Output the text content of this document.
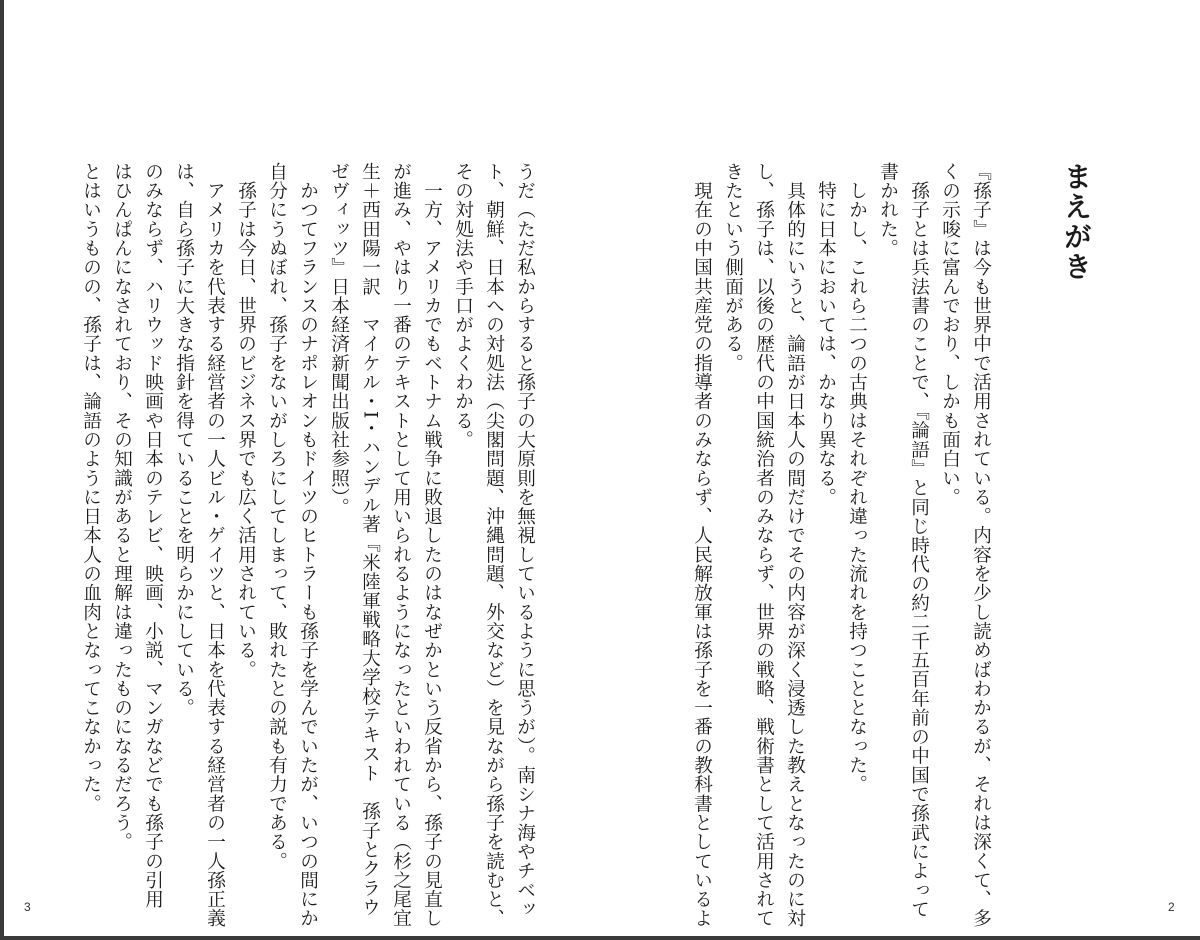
まえがき
『孫子』は今も世界中で活用されている。内容を少し読めばわかるが、それは深くて、多
くの示唆に富んでおり、しかも面白い。
　孫子とは兵法書のことで、『論語』と同じ時代の約二千五百年前の中国で孫武によって
書かれた。
　しかし、これら二つの古典はそれぞれ違った流れを持つこととなった。
　特に日本においては、かなり異なる。
　具体的にいうと、論語が日本人の間だけでその内容が深く浸透した教えとなったのに対
し、孫子は、以後の歴代の中国統治者のみならず、世界の戦略、戦術書として活用されて
きたという側面がある。
　現在の中国共産党の指導者のみならず、人民解放軍は孫子を一番の教科書としているよ
うだ（ただ私からすると孫子の大原則を無視しているように思うが）。南シナ海やチベッ
ト、朝鮮、日本への対処法（尖閣問題、沖縄問題、外交など）を見ながら孫子を読むと、
その対処法や手口がよくわかる。
　一方、アメリカでもベトナム戦争に敗退したのはなぜかという反省から、孫子の見直し
が進み、やはり一番のテキストとして用いられるようになったといわれている（杉之尾宜
生＋西田陽一訳　マイケル・I・ハンデル著『米陸軍戦略大学校テキスト　孫子とクラウ
ゼヴィッツ』日本経済新聞出版社参照）。
　かつてフランスのナポレオンもドイツのヒトラーも孫子を学んでいたが、いつの間にか
自分にうぬぼれ、孫子をないがしろにしてしまって、敗れたとの説も有力である。
　孫子は今日、世界のビジネス界でも広く活用されている。
　アメリカを代表する経営者の一人ビル・ゲイツと、日本を代表する経営者の一人孫正義
は、自ら孫子に大きな指針を得ていることを明らかにしている。
のみならず、ハリウッド映画や日本のテレビ、映画、小説、マンガなどでも孫子の引用
はひんぱんになされており、その知識があると理解は違ったものになるだろう。
とはいうものの、孫子は、論語のように日本人の血肉となってこなかった。
2
3
